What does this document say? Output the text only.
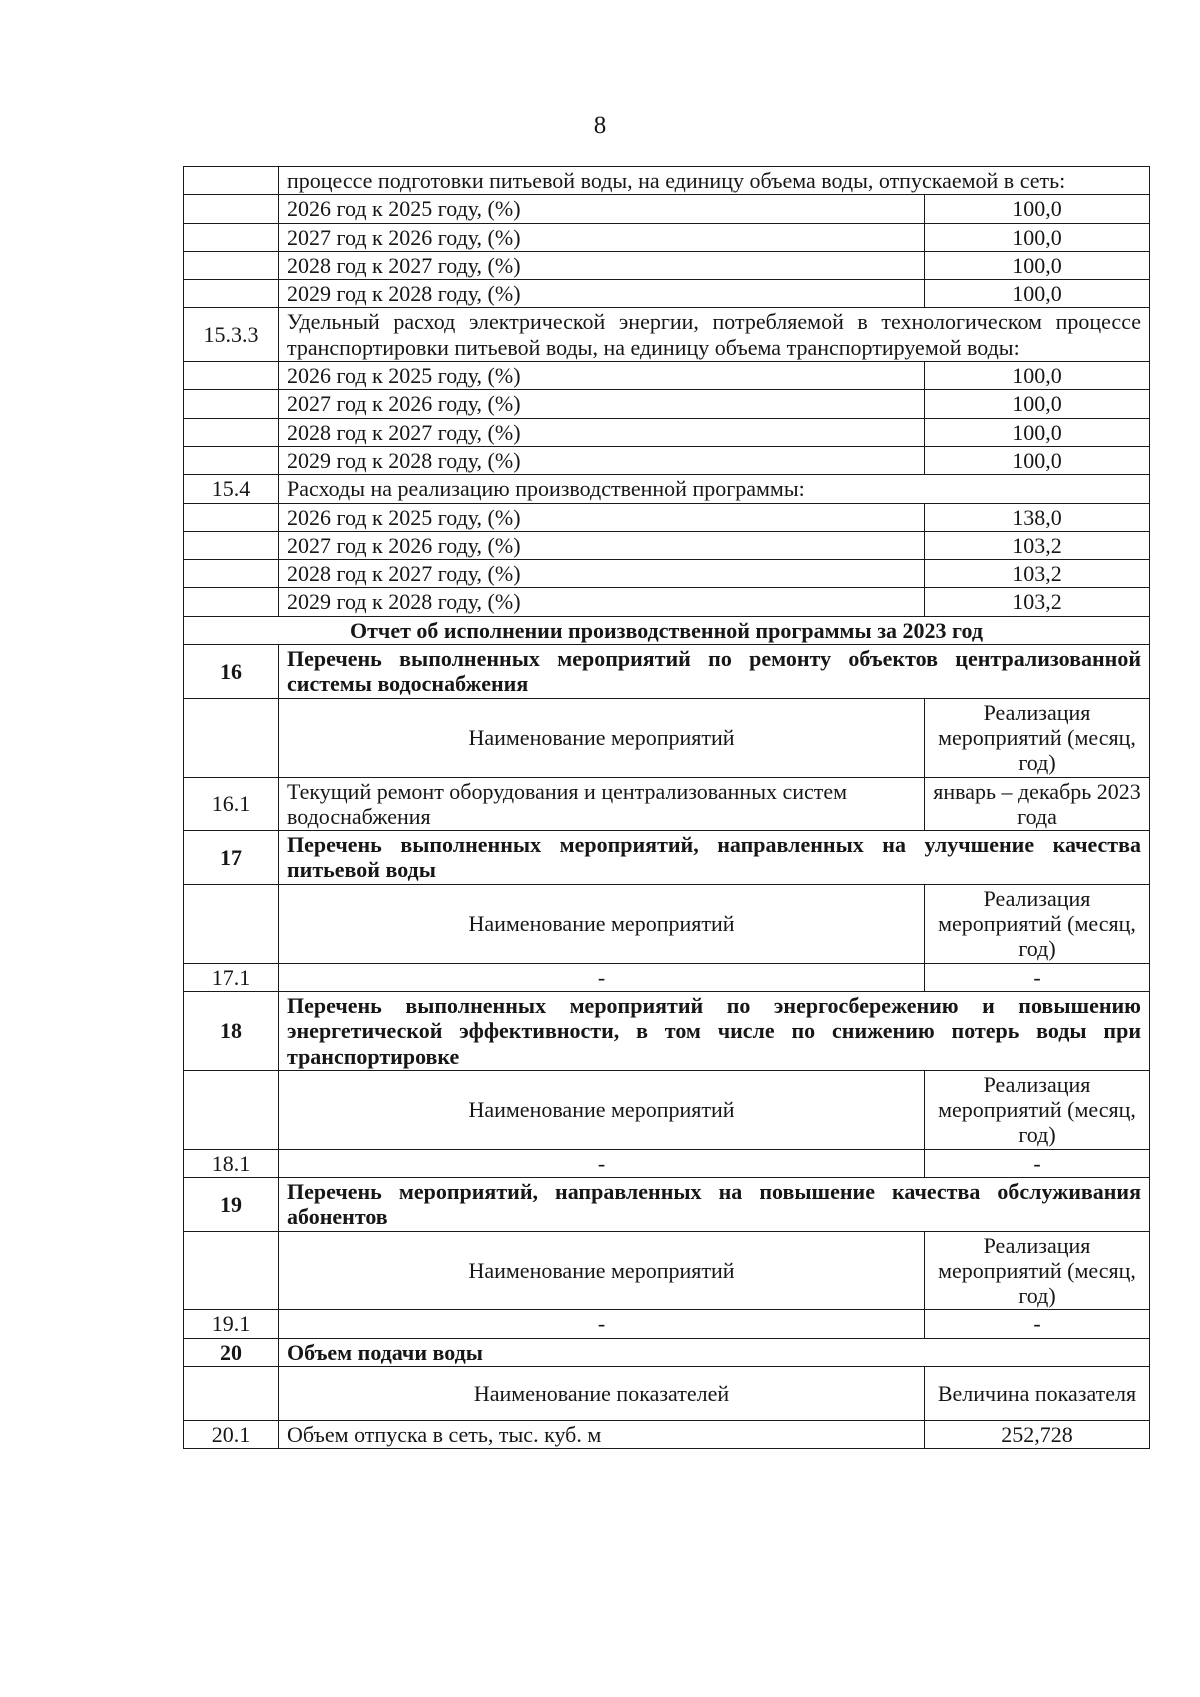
8
	процессе подготовки питьевой воды, на единицу объема воды, отпускаемой в сеть:	
	2026 год к 2025 году, (%)	100,0
	2027 год к 2026 году, (%)	100,0
	2028 год к 2027 году, (%)	100,0
	2029 год к 2028 году, (%)	100,0
15.3.3	Удельный расход электрической энергии, потребляемой в технологическом процессе транспортировки питьевой воды, на единицу объема транспортируемой воды:	
	2026 год к 2025 году, (%)	100,0
	2027 год к 2026 году, (%)	100,0
	2028 год к 2027 году, (%)	100,0
	2029 год к 2028 году, (%)	100,0
15.4	Расходы на реализацию производственной программы:	
	2026 год к 2025 году, (%)	138,0
	2027 год к 2026 году, (%)	103,2
	2028 год к 2027 году, (%)	103,2
	2029 год к 2028 году, (%)	103,2
Отчет об исполнении производственной программы за 2023 год		
16	Перечень выполненных мероприятий по ремонту объектов централизованной системы водоснабжения	
	Наименование мероприятий	Реализация мероприятий (месяц, год)
16.1	Текущий ремонт оборудования и централизованных систем водоснабжения	январь – декабрь 2023 года
17	Перечень выполненных мероприятий, направленных на улучшение качества питьевой воды	
	Наименование мероприятий	Реализация мероприятий (месяц, год)
17.1	-	-
18	Перечень выполненных мероприятий по энергосбережению и повышению энергетической эффективности, в том числе по снижению потерь воды при транспортировке	
	Наименование мероприятий	Реализация мероприятий (месяц, год)
18.1	-	-
19	Перечень мероприятий, направленных на повышение качества обслуживания абонентов	
	Наименование мероприятий	Реализация мероприятий (месяц, год)
19.1	-	-
20	Объем подачи воды	
	Наименование показателей	Величина показателя
20.1	Объем отпуска в сеть, тыс. куб. м	252,728
